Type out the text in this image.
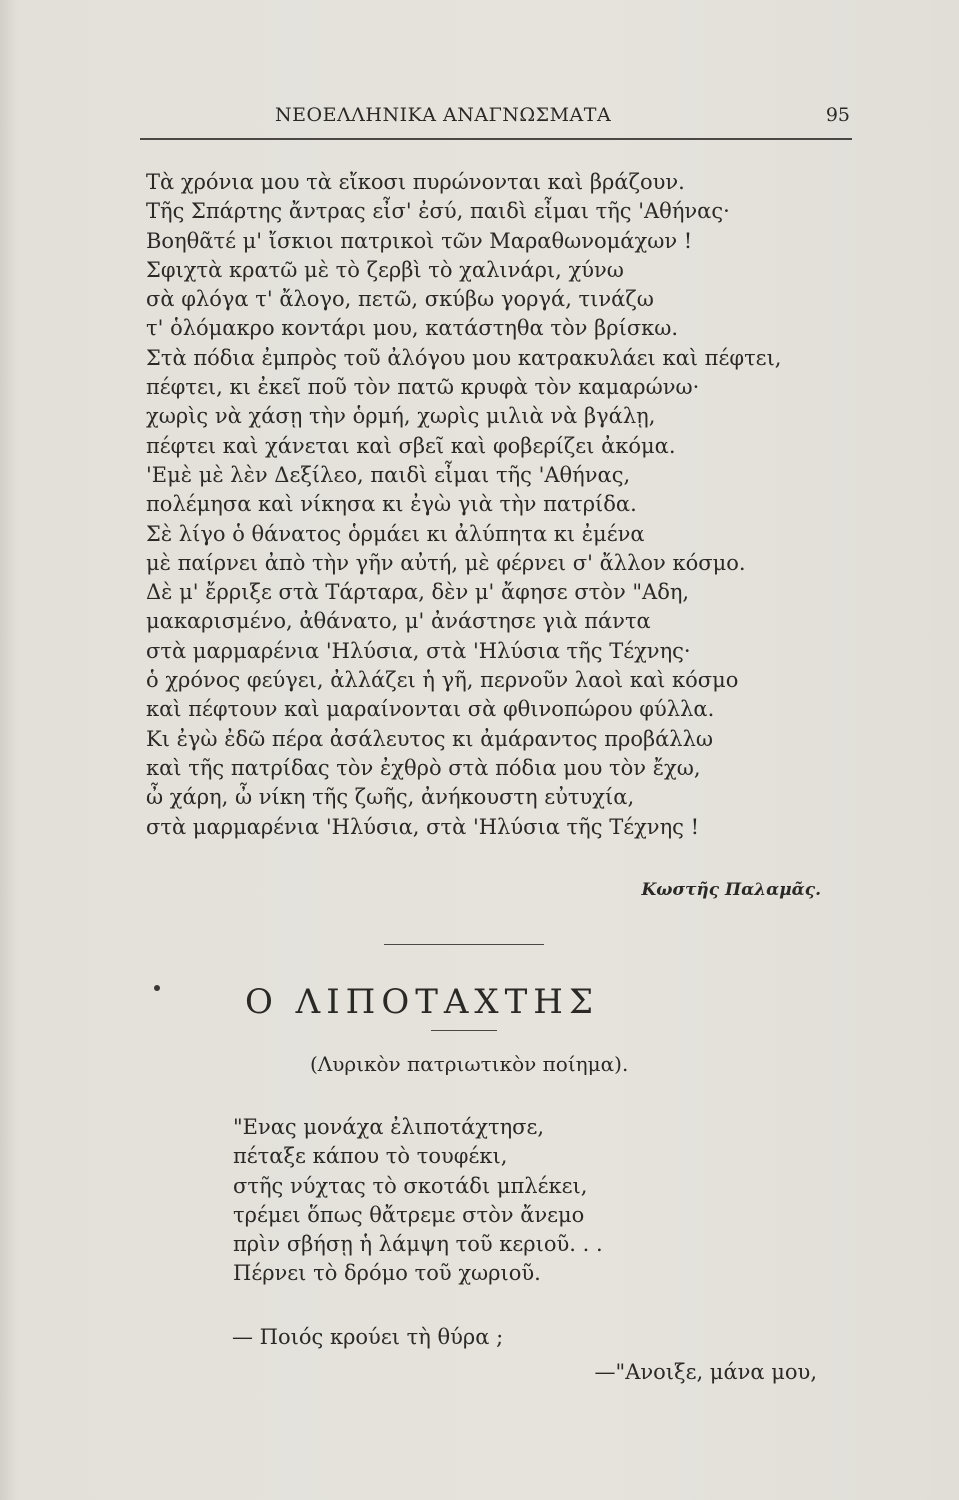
ΝΕΟΕΛΛΗΝΙΚΑ ΑΝΑΓΝΩΣΜΑΤΑ	95
Τὰ χρόνια μου τὰ εἴκοσι πυρώνονται καὶ βράζουν.
Τῆς Σπάρτης ἄντρας εἶσ' ἐσύ, παιδὶ εἶμαι τῆς 'Αθήνας·
Βοηθᾶτέ μ' ἴσκιοι πατρικοὶ τῶν Μαραθωνομάχων !
Σφιχτὰ κρατῶ μὲ τὸ ζερβὶ τὸ χαλινάρι, χύνω
σὰ φλόγα τ' ἄλογο, πετῶ, σκύβω γοργά, τινάζω
τ' ὁλόμακρο κοντάρι μου, κατάστηθα τὸν βρίσκω.
Στὰ πόδια ἐμπρὸς τοῦ ἀλόγου μου κατρακυλάει καὶ πέφτει,
πέφτει, κι ἐκεῖ ποῦ τὸν πατῶ κρυφὰ τὸν καμαρώνω·
χωρὶς νὰ χάσῃ τὴν ὁρμή, χωρὶς μιλιὰ νὰ βγάλῃ,
πέφτει καὶ χάνεται καὶ σβεῖ καὶ φοβερίζει ἀκόμα.
'Εμὲ μὲ λὲν Δεξίλεο, παιδὶ εἶμαι τῆς 'Αθήνας,
πολέμησα καὶ νίκησα κι ἐγὼ γιὰ τὴν πατρίδα.
Σὲ λίγο ὁ θάνατος ὁρμάει κι ἀλύπητα κι ἐμένα
μὲ παίρνει ἀπὸ τὴν γῆν αὐτή, μὲ φέρνει σ' ἄλλον κόσμο.
Δὲ μ' ἔρριξε στὰ Τάρταρα, δὲν μ' ἄφησε στὸν "Αδη,
μακαρισμένο, ἀθάνατο, μ' ἀνάστησε γιὰ πάντα
στὰ μαρμαρένια 'Ηλύσια, στὰ 'Ηλύσια τῆς Τέχνης·
ὁ χρόνος φεύγει, ἀλλάζει ἡ γῆ, περνοῦν λαοὶ καὶ κόσμο
καὶ πέφτουν καὶ μαραίνονται σὰ φθινοπώρου φύλλα.
Κι ἐγὼ ἐδῶ πέρα ἀσάλευτος κι ἀμάραντος προβάλλω
καὶ τῆς πατρίδας τὸν ἐχθρὸ στὰ πόδια μου τὸν ἔχω,
ὦ χάρη, ὦ νίκη τῆς ζωῆς, ἀνήκουστη εὐτυχία,
στὰ μαρμαρένια 'Ηλύσια, στὰ 'Ηλύσια τῆς Τέχνης !
Κωστῆς Παλαμᾶς.
Ο ΛΙΠΟΤΑΧΤΗΣ
(Λυρικὸν πατριωτικὸν ποίημα).
"Ενας μονάχα ἐλιποτάχτησε,
πέταξε κάπου τὸ τουφέκι,
στῆς νύχτας τὸ σκοτάδι μπλέκει,
τρέμει ὅπως θἄτρεμε στὸν ἄνεμο
πρὶν σβήσῃ ἡ λάμψη τοῦ κεριοῦ. . .
Πέρνει τὸ δρόμο τοῦ χωριοῦ.
— Ποιός κρούει τὴ θύρα ;
—"Ανοιξε, μάνα μου,
